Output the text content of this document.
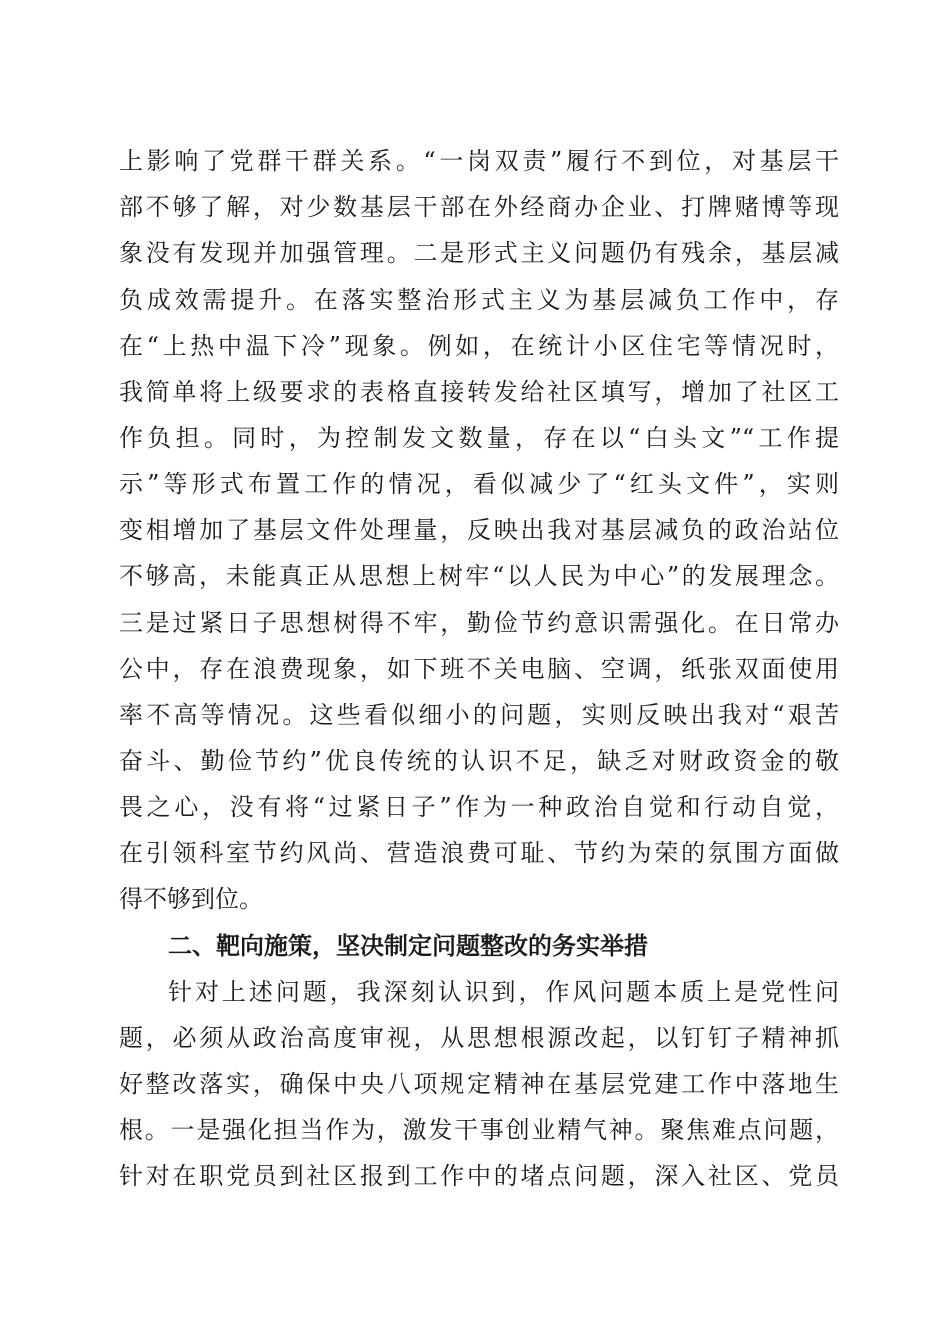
上影响了党群干群关系。“一岗双责”履行不到位，对基层干
部不够了解，对少数基层干部在外经商办企业、打牌赌博等现
象没有发现并加强管理。二是形式主义问题仍有残余，基层减
负成效需提升。在落实整治形式主义为基层减负工作中，存
在“上热中温下冷”现象。例如，在统计小区住宅等情况时，
我简单将上级要求的表格直接转发给社区填写，增加了社区工
作负担。同时，为控制发文数量，存在以“白头文”“工作提
示”等形式布置工作的情况，看似减少了“红头文件”，实则
变相增加了基层文件处理量，反映出我对基层减负的政治站位
不够高，未能真正从思想上树牢“以人民为中心”的发展理念。
三是过紧日子思想树得不牢，勤俭节约意识需强化。在日常办
公中，存在浪费现象，如下班不关电脑、空调，纸张双面使用
率不高等情况。这些看似细小的问题，实则反映出我对“艰苦
奋斗、勤俭节约”优良传统的认识不足，缺乏对财政资金的敬
畏之心，没有将“过紧日子”作为一种政治自觉和行动自觉，
在引领科室节约风尚、营造浪费可耻、节约为荣的氛围方面做
得不够到位。
二、靶向施策，坚决制定问题整改的务实举措
针对上述问题，我深刻认识到，作风问题本质上是党性问
题，必须从政治高度审视，从思想根源改起，以钉钉子精神抓
好整改落实，确保中央八项规定精神在基层党建工作中落地生
根。一是强化担当作为，激发干事创业精气神。聚焦难点问题，
针对在职党员到社区报到工作中的堵点问题，深入社区、党员
